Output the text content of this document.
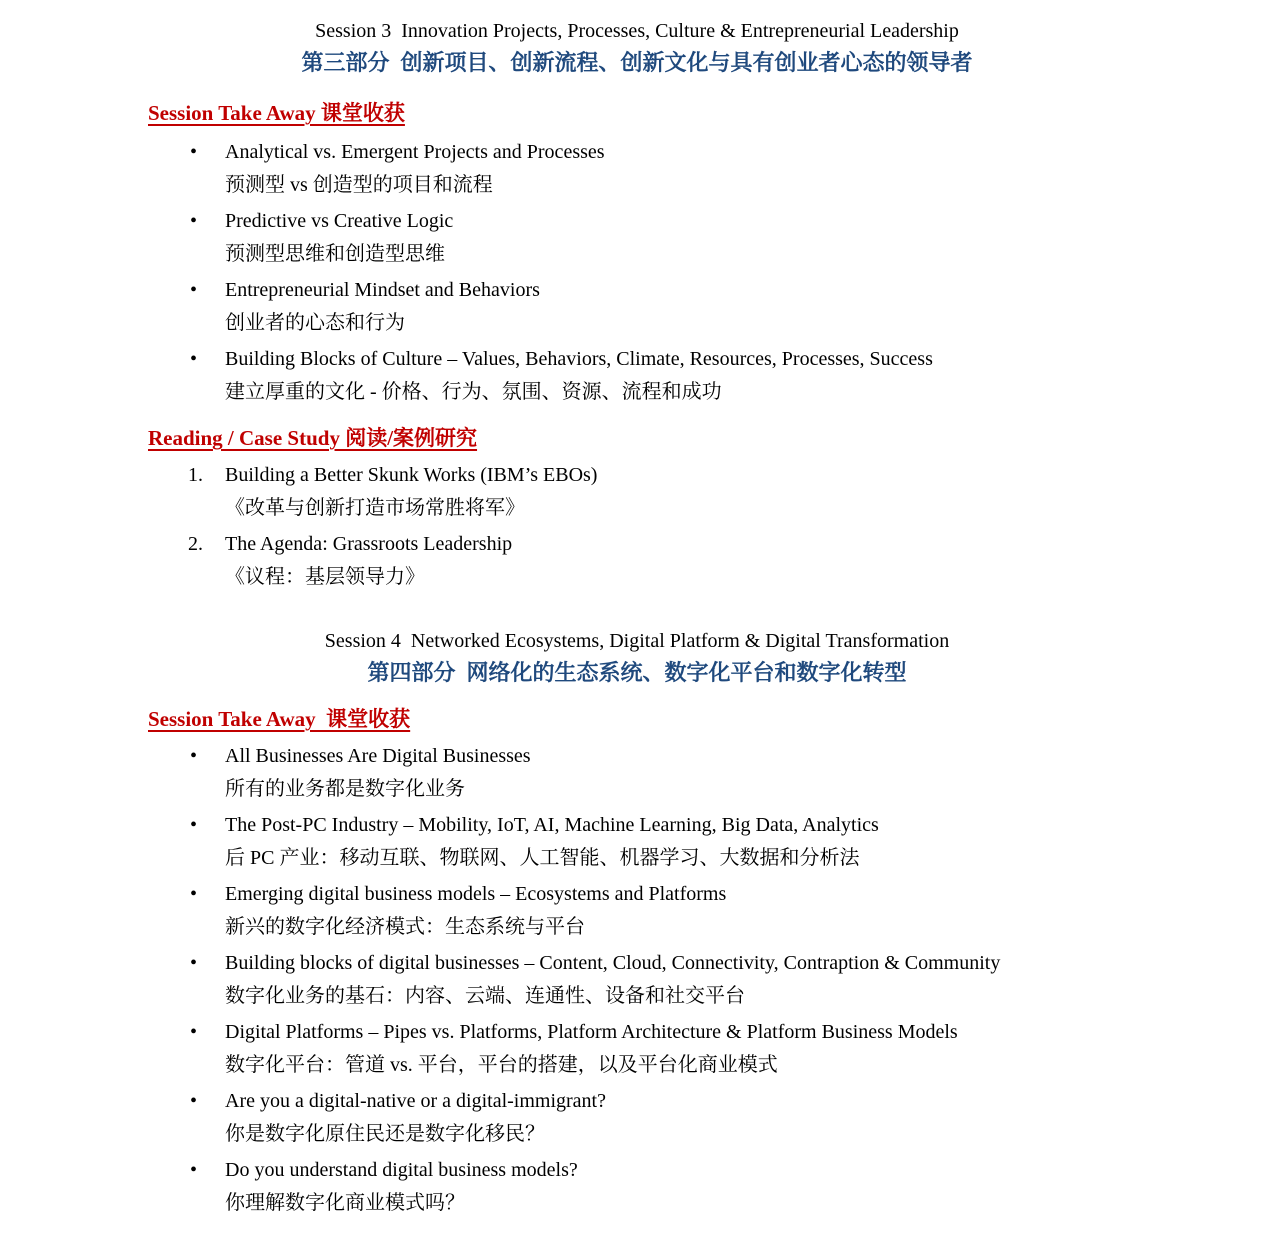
Session 3  Innovation Projects, Processes, Culture & Entrepreneurial Leadership
第三部分  创新项目、创新流程、创新文化与具有创业者心态的领导者
Session Take Away 课堂收获
•	Analytical vs. Emergent Projects and Processes
预测型 vs 创造型的项目和流程
•	Predictive vs Creative Logic
预测型思维和创造型思维
•	Entrepreneurial Mindset and Behaviors
创业者的心态和行为
•	Building Blocks of Culture – Values, Behaviors, Climate, Resources, Processes, Success
建立厚重的文化 - 价格、行为、氛围、资源、流程和成功
Reading / Case Study 阅读/案例研究
1.	Building a Better Skunk Works (IBM’s EBOs)
《改革与创新打造市场常胜将军》
2.	The Agenda: Grassroots Leadership
《议程：基层领导力》
Session 4  Networked Ecosystems, Digital Platform & Digital Transformation
第四部分  网络化的生态系统、数字化平台和数字化转型
Session Take Away  课堂收获
•	All Businesses Are Digital Businesses
所有的业务都是数字化业务
•	The Post-PC Industry – Mobility, IoT, AI, Machine Learning, Big Data, Analytics
后 PC 产业：移动互联、物联网、人工智能、机器学习、大数据和分析法
•	Emerging digital business models – Ecosystems and Platforms
新兴的数字化经济模式：生态系统与平台
•	Building blocks of digital businesses – Content, Cloud, Connectivity, Contraption & Community
数字化业务的基石：内容、云端、连通性、设备和社交平台
•	Digital Platforms – Pipes vs. Platforms, Platform Architecture & Platform Business Models
数字化平台：管道 vs. 平台，平台的搭建，以及平台化商业模式
•	Are you a digital-native or a digital-immigrant?
你是数字化原住民还是数字化移民？
•	Do you understand digital business models?
你理解数字化商业模式吗？
